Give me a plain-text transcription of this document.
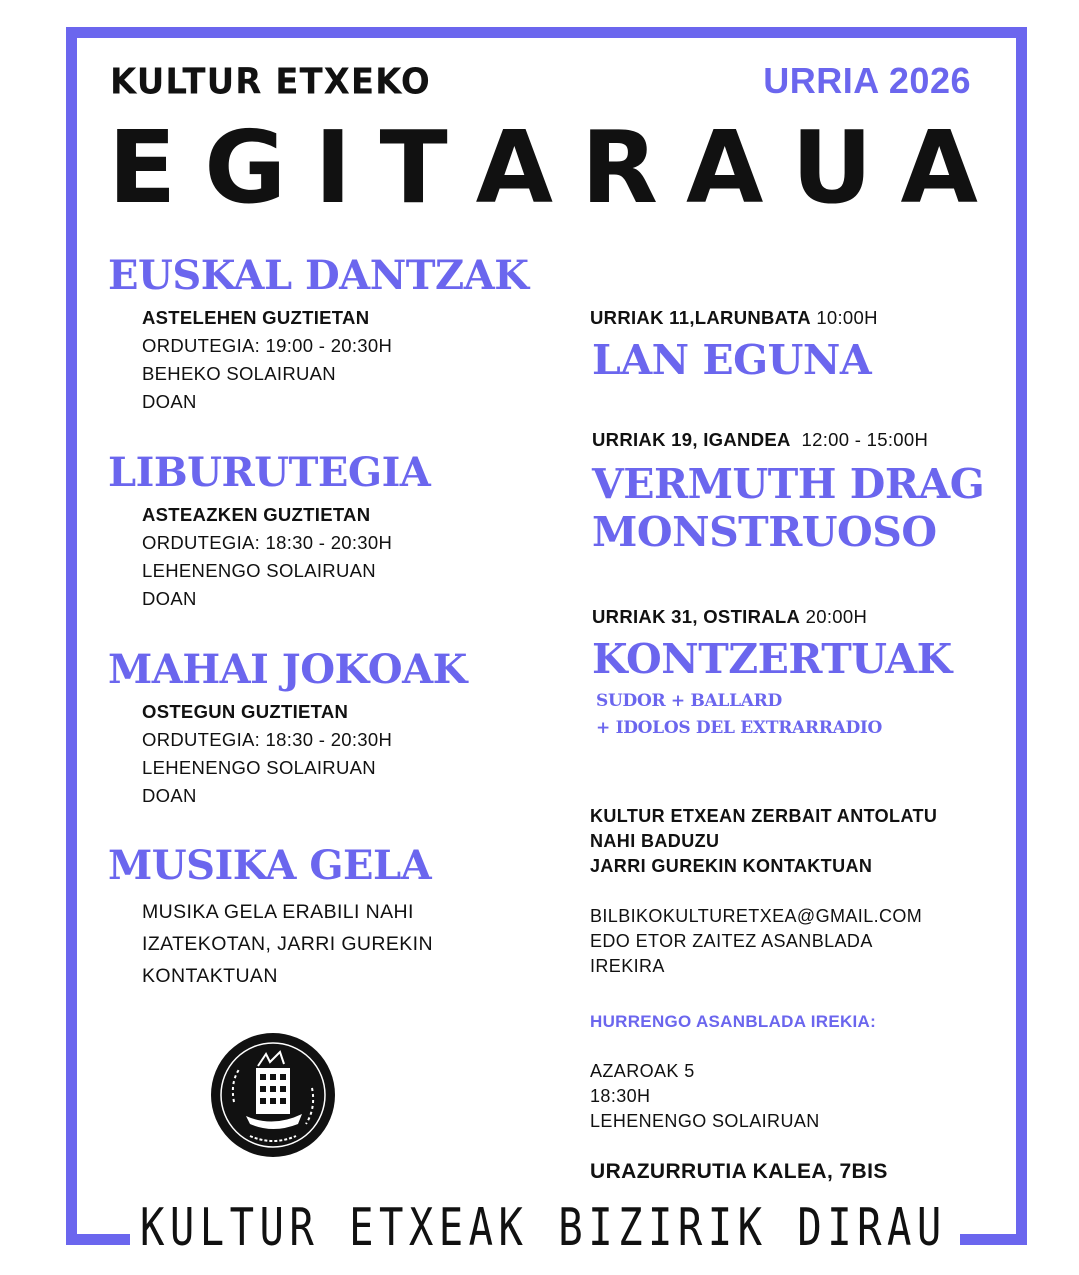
KULTUR ETXEKO	URRIA 2026
E G I T A R A U A
EUSKAL DANTZAK
ASTELEHEN GUZTIETAN
ORDUTEGIA: 19:00 - 20:30H
BEHEKO SOLAIRUAN
DOAN
LIBURUTEGIA
ASTEAZKEN GUZTIETAN
ORDUTEGIA: 18:30 - 20:30H
LEHENENGO SOLAIRUAN
DOAN
MAHAI JOKOAK
OSTEGUN GUZTIETAN
ORDUTEGIA: 18:30 - 20:30H
LEHENENGO SOLAIRUAN
DOAN
MUSIKA GELA
MUSIKA GELA ERABILI NAHI
IZATEKOTAN, JARRI GUREKIN
KONTAKTUAN
URRIAK 11,LARUNBATA 10:00H
LAN EGUNA
URRIAK 19, IGANDEA 12:00 - 15:00H
VERMUTH DRAG
MONSTRUOSO
URRIAK 31, OSTIRALA 20:00H
KONTZERTUAK
SUDOR + BALLARD
+ IDOLOS DEL EXTRARRADIO
KULTUR ETXEAN ZERBAIT ANTOLATU
NAHI BADUZU
JARRI GUREKIN KONTAKTUAN
BILBIKOKULTURETXEA@GMAIL.COM
EDO ETOR ZAITEZ ASANBLADA
IREKIRA
HURRENGO ASANBLADA IREKIA:
AZAROAK 5
18:30H
LEHENENGO SOLAIRUAN
URAZURRUTIA KALEA, 7BIS
KULTUR ETXEAK BIZIRIK DIRAU
